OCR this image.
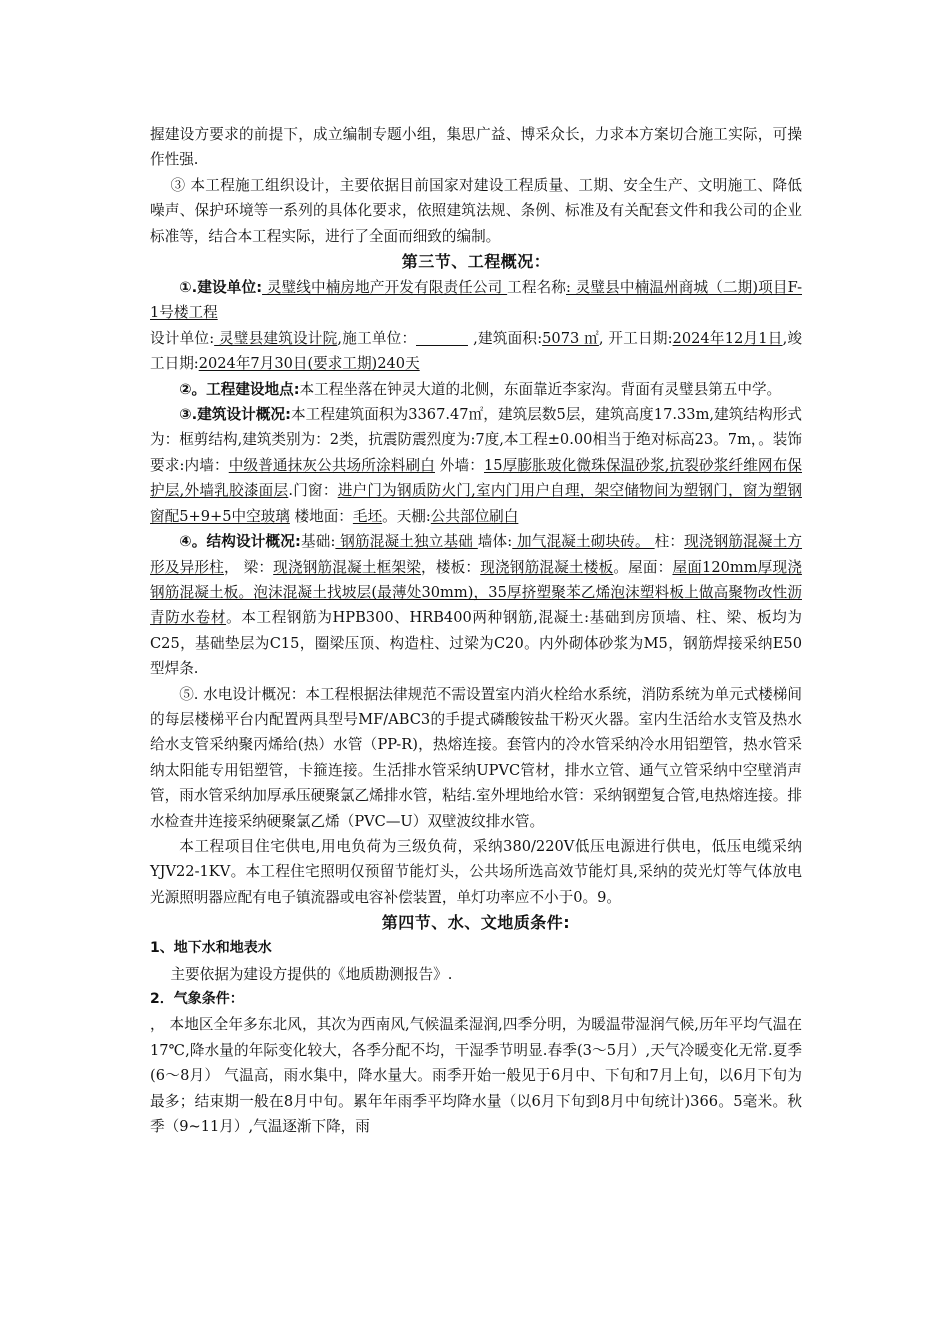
握建设方要求的前提下，成立编制专题小组，集思广益、博采众长，力求本方案切合施工实际，可操作性强.

③ 本工程施工组织设计，主要依据目前国家对建设工程质量、工期、安全生产、文明施工、降低噪声、保护环境等一系列的具体化要求，依照建筑法规、条例、标准及有关配套文件和我公司的企业标准等，结合本工程实际，进行了全面而细致的编制。

第三节、工程概况：

①.建设单位: 灵璧线中楠房地产开发有限责任公司 工程名称: 灵璧县中楠温州商城（二期)项目F-1号楼工程

设计单位: 灵璧县建筑设计院,施工单位：	,建筑面积:5073 ㎡, 开工日期:2024年12月1日,竣工日期:2024年7月30日(要求工期)240天

②。工程建设地点:本工程坐落在钟灵大道的北侧，东面靠近李家沟。背面有灵璧县第五中学。

③.建筑设计概况:本工程建筑面积为3367.47㎡，建筑层数5层，建筑高度17.33m,建筑结构形式为：框剪结构,建筑类别为：2类，抗震防震烈度为:7度,本工程±0.00相当于绝对标高23。7m，。装饰要求:内墙：中级普通抹灰公共场所涂料刷白 外墙：15厚膨胀玻化微珠保温砂浆,抗裂砂浆纤维网布保护层,外墙乳胶漆面层.门窗：进户门为钢质防火门,室内门用户自理，架空储物间为塑钢门，窗为塑钢窗配5+9+5中空玻璃 楼地面：毛坯。天棚:公共部位刷白

④。结构设计概况:基础: 钢筋混凝土独立基础 墙体: 加气混凝土砌块砖。 柱：现浇钢筋混凝土方形及异形柱， 梁：现浇钢筋混凝土框架梁，楼板：现浇钢筋混凝土楼板。屋面：屋面120mm厚现浇钢筋混凝土板。泡沫混凝土找坡层(最薄处30mm)，35厚挤塑聚苯乙烯泡沫塑料板上做高聚物改性沥青防水卷材。本工程钢筋为HPB300、HRB400两种钢筋,混凝土:基础到房顶墙、柱、梁、板均为C25，基础垫层为C15，圈梁压顶、构造柱、过梁为C20。内外砌体砂浆为M5，钢筋焊接采纳E50型焊条.

⑤. 水电设计概况：本工程根据法律规范不需设置室内消火栓给水系统，消防系统为单元式楼梯间的每层楼梯平台内配置两具型号MF/ABC3的手提式磷酸铵盐干粉灭火器。室内生活给水支管及热水给水支管采纳聚丙烯给(热）水管（PP-R)，热熔连接。套管内的冷水管采纳冷水用铝塑管，热水管采纳太阳能专用铝塑管，卡箍连接。生活排水管采纳UPVC管材，排水立管、通气立管采纳中空壁消声管，雨水管采纳加厚承压硬聚氯乙烯排水管，粘结.室外埋地给水管：采纳钢塑复合管,电热熔连接。排水检查井连接采纳硬聚氯乙烯（PVC—U）双壁波纹排水管。

本工程项目住宅供电,用电负荷为三级负荷，采纳380/220V低压电源进行供电，低压电缆采纳YJV22-1KV。本工程住宅照明仅预留节能灯头，公共场所选高效节能灯具,采纳的荧光灯等气体放电光源照明器应配有电子镇流器或电容补偿装置，单灯功率应不小于0。9。

第四节、水、文地质条件:

1、地下水和地表水

主要依据为建设方提供的《地质勘测报告》.

2．气象条件：

， 本地区全年多东北风，其次为西南风,气候温柔湿润,四季分明，为暖温带湿润气候,历年平均气温在17℃,降水量的年际变化较大，各季分配不均，干湿季节明显.春季(3～5月）,天气冷暖变化无常.夏季(6～8月） 气温高，雨水集中，降水量大。雨季开始一般见于6月中、下旬和7月上旬，以6月下旬为最多；结束期一般在8月中旬。累年年雨季平均降水量（以6月下旬到8月中旬统计)366。5毫米。秋季（9~11月）,气温逐渐下降，雨
